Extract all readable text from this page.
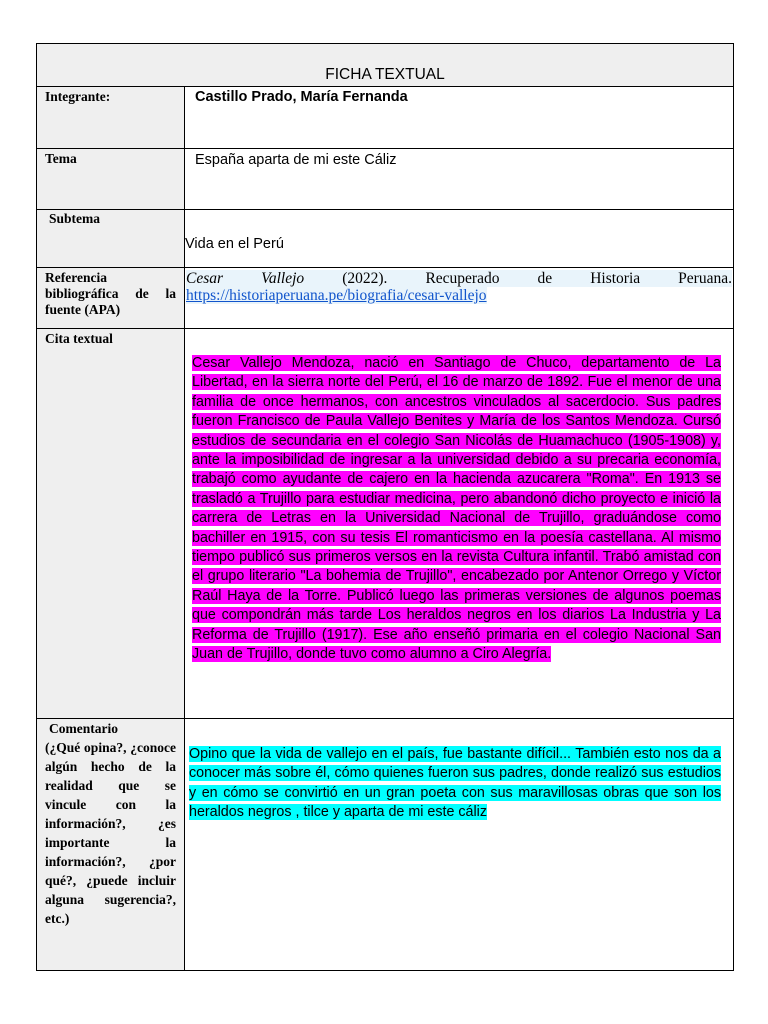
FICHA TEXTUAL	
Integrante:	Castillo Prado, María Fernanda
Tema	España aparta de mi este Cáliz
Subtema	Vida en el Perú
Referencia bibliográfica de la fuente (APA)	Cesar Vallejo (2022). Recuperado de Historia Peruana.
https://historiaperuana.pe/biografia/cesar-vallejo

Cita textual	Cesar Vallejo Mendoza, nació en Santiago de Chuco, departamento de La Libertad, en la sierra norte del Perú, el 16 de marzo de 1892. Fue el menor de una familia de once hermanos, con ancestros vinculados al sacerdocio. Sus padres fueron Francisco de Paula Vallejo Benites y María de los Santos Mendoza. Cursó estudios de secundaria en el colegio San Nicolás de Huamachuco (1905-1908) y, ante la imposibilidad de ingresar a la universidad debido a su precaria economía, trabajó como ayudante de cajero en la hacienda azucarera "Roma". En 1913 se trasladó a Trujillo para estudiar medicina, pero abandonó dicho proyecto e inició la carrera de Letras en la Universidad Nacional de Trujillo, graduándose como bachiller en 1915, con su tesis El romanticismo en la poesía castellana. Al mismo tiempo publicó sus primeros versos en la revista Cultura infantil. Trabó amistad con el grupo literario "La bohemia de Trujillo", encabezado por Antenor Orrego y Víctor Raúl Haya de la Torre. Publicó luego las primeras versiones de algunos poemas que compondrán más tarde Los heraldos negros en los diarios La Industria y La Reforma de Trujillo (1917). Ese año enseñó primaria en el colegio Nacional San Juan de Trujillo, donde tuvo como alumno a Ciro Alegría.

Comentario
(¿Qué opina?, ¿conoce algún hecho de la realidad que se vincule con la información?, ¿es importante la información?, ¿por qué?, ¿puede incluir alguna sugerencia?, etc.)	Opino que la vida de vallejo en el país, fue bastante difícil... También esto nos da a conocer más sobre él, cómo quienes fueron sus padres, donde realizó sus estudios y en cómo se convirtió en un gran poeta con sus maravillosas obras que son los heraldos negros , tilce y aparta de mi este cáliz
